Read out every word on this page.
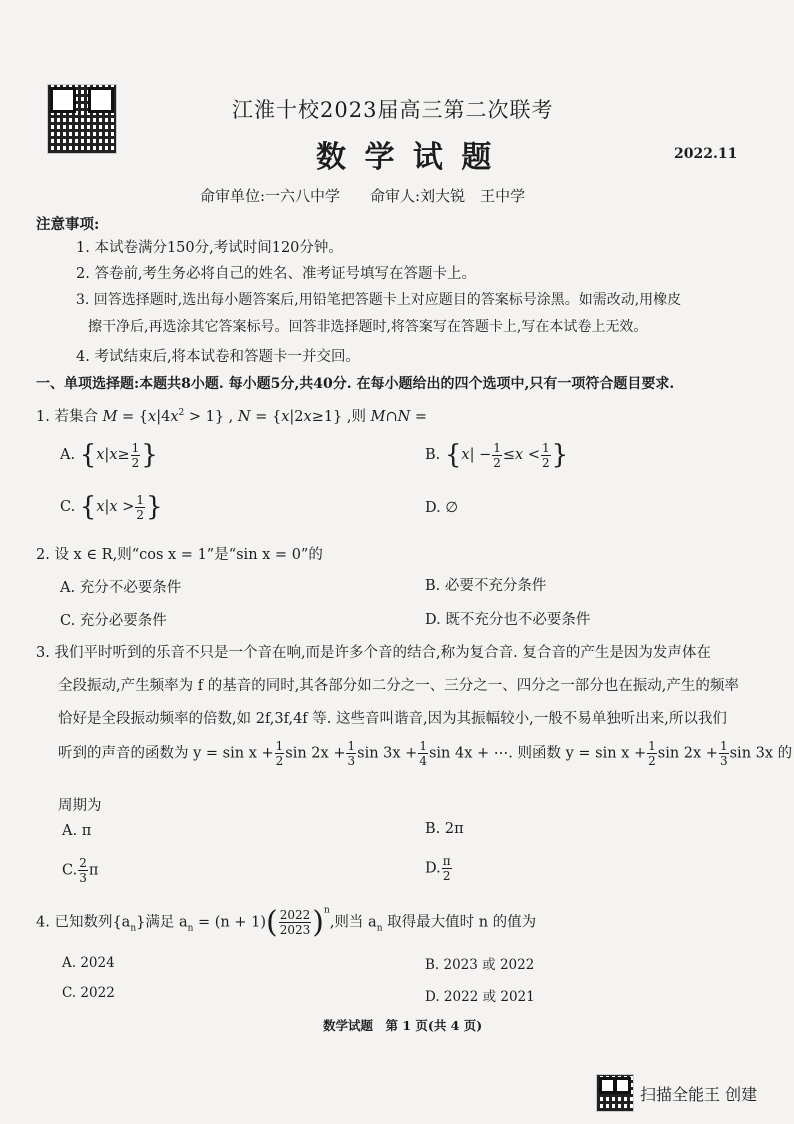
江淮十校2023届高三第二次联考
数 学 试 题	2022.11
命审单位:一六八中学　　命审人:刘大锐　王中学
注意事项:
1. 本试卷满分150分,考试时间120分钟。
2. 答卷前,考生务必将自己的姓名、准考证号填写在答题卡上。
3. 回答选择题时,选出每小题答案后,用铅笔把答题卡上对应题目的答案标号涂黑。如需改动,用橡皮
擦干净后,再选涂其它答案标号。回答非选择题时,将答案写在答题卡上,写在本试卷上无效。
4. 考试结束后,将本试卷和答题卡一并交回。
一、单项选择题:本题共8小题. 每小题5分,共40分. 在每小题给出的四个选项中,只有一项符合题目要求.
1. 若集合 $M = \{x|4x^2 > 1\}$ , N = {x|2x≥1} ,则 M∩N =
A. {$x|x\ge \frac{1}{2}$ }	B. {$x| - \frac{1}{2} \le x < \frac{1}{2}$ }
C. {$x|x > \frac{1}{2}$ }	D. ∅
2. 设 x ∈ R,则“cos x = 1”是“sin x = 0”的
A. 充分不必要条件	B. 必要不充分条件
C. 充分必要条件	D. 既不充分也不必要条件
3. 我们平时听到的乐音不只是一个音在响,而是许多个音的结合,称为复合音. 复合音的产生是因为发声体在
全段振动,产生频率为 f 的基音的同时,其各部分如二分之一、三分之一、四分之一部分也在振动,产生的频率
恰好是全段振动频率的倍数,如 2f,3f,4f 等. 这些音叫谐音,因为其振幅较小,一般不易单独听出来,所以我们
听到的声音的函数为 $y = \sin x + \frac{1}{2}$ $\sin 2x + \frac{1}{3}$ $\sin 3x + \frac{1}{4}$ sin 4x + ⋯. 则函数 $y = \sin x + \frac{1}{2}$ $\sin 2x + \frac{1}{3}$ sin 3x 的
周期为
A. π	B. 2π
C. $\frac{2}{3}$ π	D. $\frac{\pi}{2}$
4. 已知数列$\{a_n\}$满足 $a_n = (n + 1)( \frac{2022}{2023} )^n$,则当 $a_n$ 取得最大值时 n 的值为
A. 2024	B. 2023 或 2022
C. 2022	D. 2022 或 2021
数学试题　第 1 页(共 4 页)
扫描全能王 创建
